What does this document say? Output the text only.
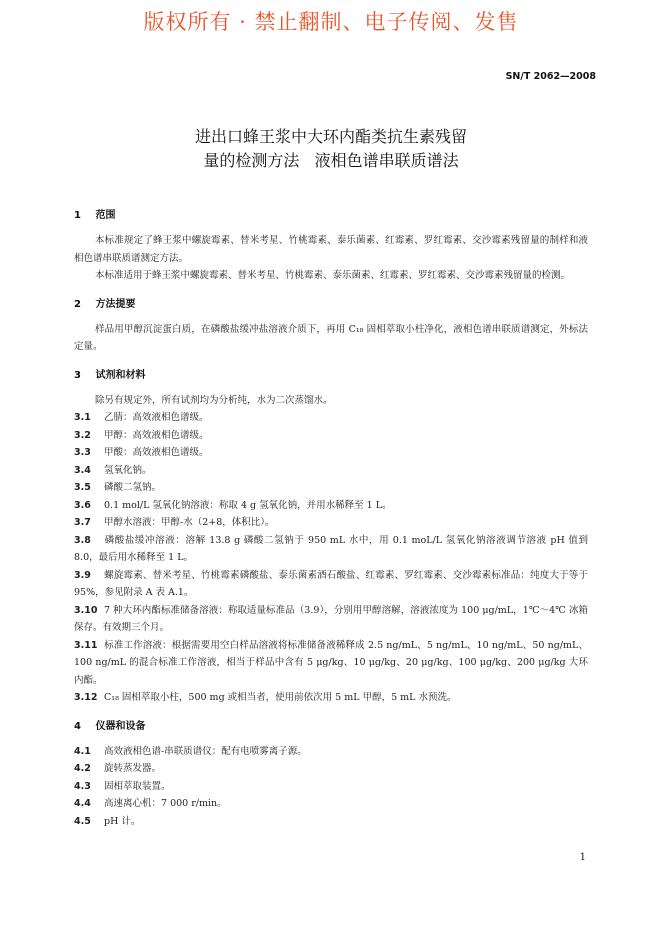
版权所有 · 禁止翻制、电子传阅、发售
SN/T 2062—2008
进出口蜂王浆中大环内酯类抗生素残留
量的检测方法   液相色谱串联质谱法
1 范围

本标准规定了蜂王浆中螺旋霉素、替米考星、竹桃霉素、泰乐菌素、红霉素、罗红霉素、交沙霉素残留量的制样和液相色谱串联质谱测定方法。

本标准适用于蜂王浆中螺旋霉素、替米考星、竹桃霉素、泰乐菌素、红霉素、罗红霉素、交沙霉素残留量的检测。

2 方法提要

样品用甲醇沉淀蛋白质，在磷酸盐缓冲盐溶液介质下，再用 C₁₈ 固相萃取小柱净化，液相色谱串联质谱测定，外标法定量。

3 试剂和材料

除另有规定外，所有试剂均为分析纯，水为二次蒸馏水。

3.1 乙腈：高效液相色谱级。
3.2 甲醇：高效液相色谱级。
3.3 甲酸：高效液相色谱级。
3.4 氢氧化钠。
3.5 磷酸二氢钠。
3.6 0.1 mol/L 氢氧化钠溶液：称取 4 g 氢氧化钠，并用水稀释至 1 L。
3.7 甲醇水溶液：甲醇-水（2+8，体积比）。
3.8 磷酸盐缓冲溶液：溶解 13.8 g 磷酸二氢钠于 950 mL 水中，用 0.1 moL/L 氢氧化钠溶液调节溶液 pH 值到 8.0，最后用水稀释至 1 L。
3.9 螺旋霉素、替米考星、竹桃霉素磷酸盐、泰乐菌素酒石酸盐、红霉素、罗红霉素、交沙霉素标准品：纯度大于等于 95%，参见附录 A 表 A.1。
3.10 7 种大环内酯标准储备溶液：称取适量标准品（3.9），分别用甲醇溶解，溶液浓度为 100 μg/mL，1℃～4℃ 冰箱保存。有效期三个月。
3.11 标准工作溶液：根据需要用空白样品溶液将标准储备液稀释成 2.5 ng/mL、5 ng/mL、10 ng/mL、50 ng/mL、100 ng/mL 的混合标准工作溶液，相当于样品中含有 5 μg/kg、10 μg/kg、20 μg/kg、100 μg/kg、200 μg/kg 大环内酯。
3.12 C₁₈ 固相萃取小柱，500 mg 或相当者，使用前依次用 5 mL 甲醇，5 mL 水预洗。
4 仪器和设备
4.1 高效液相色谱-串联质谱仪：配有电喷雾离子源。
4.2 旋转蒸发器。
4.3 固相萃取装置。
4.4 高速离心机：7 000 r/min。
4.5 pH 计。
1
